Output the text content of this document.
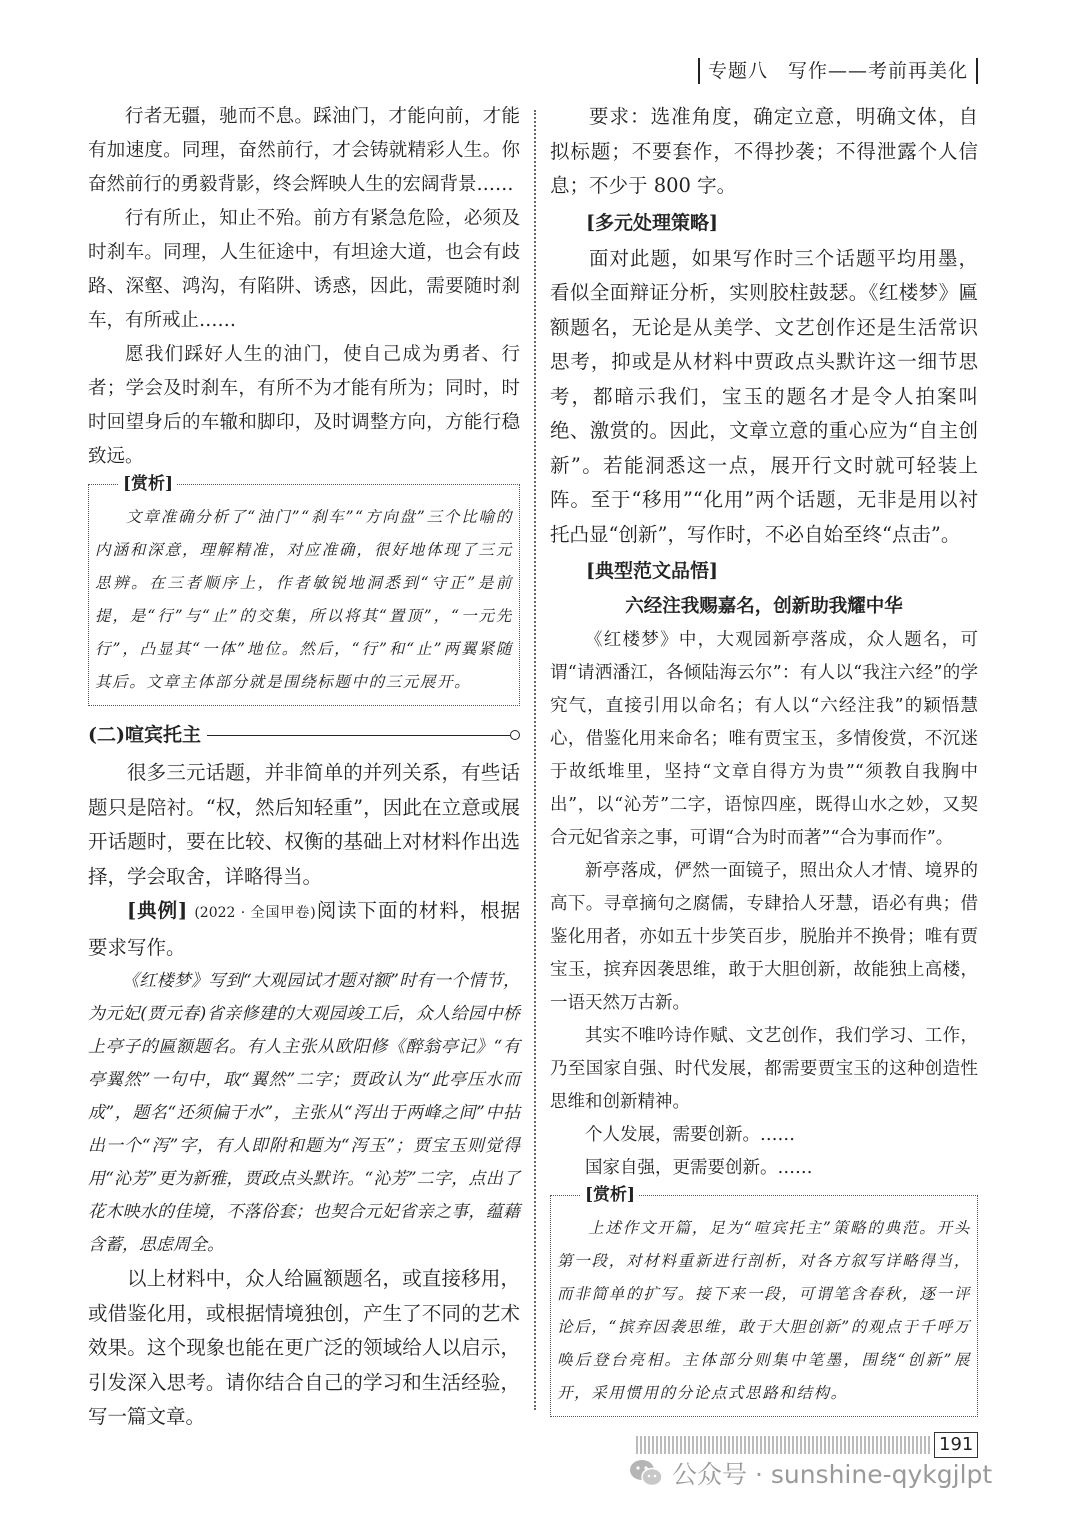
专题八　写作——考前再美化

行者无疆，驰而不息。踩油门，才能向前，才能有加速度。同理，奋然前行，才会铸就精彩人生。你奋然前行的勇毅背影，终会辉映人生的宏阔背景……

行有所止，知止不殆。前方有紧急危险，必须及时刹车。同理，人生征途中，有坦途大道，也会有歧路、深壑、鸿沟，有陷阱、诱惑，因此，需要随时刹车，有所戒止……

愿我们踩好人生的油门，使自己成为勇者、行者；学会及时刹车，有所不为才能有所为；同时，时时回望身后的车辙和脚印，及时调整方向，方能行稳致远。

[赏析]

文章准确分析了“油门”“刹车”“方向盘”三个比喻的内涵和深意，理解精准，对应准确，很好地体现了三元思辨。在三者顺序上，作者敏锐地洞悉到“守正”是前提，是“行”与“止”的交集，所以将其“置顶”，“一元先行”，凸显其“一体”地位。然后，“行”和“止”两翼紧随其后。文章主体部分就是围绕标题中的三元展开。

(二)喧宾托主

很多三元话题，并非简单的并列关系，有些话题只是陪衬。“权，然后知轻重”，因此在立意或展开话题时，要在比较、权衡的基础上对材料作出选择，学会取舍，详略得当。

[典例] (2022 · 全国甲卷)阅读下面的材料，根据要求写作。

《红楼梦》写到“大观园试才题对额”时有一个情节，为元妃(贾元春)省亲修建的大观园竣工后，众人给园中桥上亭子的匾额题名。有人主张从欧阳修《醉翁亭记》“有亭翼然”一句中，取“翼然”二字；贾政认为“此亭压水而成”，题名“还须偏于水”，主张从“泻出于两峰之间”中拈出一个“泻”字，有人即附和题为“泻玉”；贾宝玉则觉得用“沁芳”更为新雅，贾政点头默许。“沁芳”二字，点出了花木映水的佳境，不落俗套；也契合元妃省亲之事，蕴藉含蓄，思虑周全。

以上材料中，众人给匾额题名，或直接移用，或借鉴化用，或根据情境独创，产生了不同的艺术效果。这个现象也能在更广泛的领域给人以启示，引发深入思考。请你结合自己的学习和生活经验，写一篇文章。

要求：选准角度，确定立意，明确文体，自拟标题；不要套作，不得抄袭；不得泄露个人信息；不少于 800 字。

[多元处理策略]

面对此题，如果写作时三个话题平均用墨，看似全面辩证分析，实则胶柱鼓瑟。《红楼梦》匾额题名，无论是从美学、文艺创作还是生活常识思考，抑或是从材料中贾政点头默许这一细节思考，都暗示我们，宝玉的题名才是令人拍案叫绝、激赏的。因此，文章立意的重心应为“自主创新”。若能洞悉这一点，展开行文时就可轻装上阵。至于“移用”“化用”两个话题，无非是用以衬托凸显“创新”，写作时，不必自始至终“点击”。

[典型范文品悟]
六经注我赐嘉名，创新助我耀中华

《红楼梦》中，大观园新亭落成，众人题名，可谓“请洒潘江，各倾陆海云尔”：有人以“我注六经”的学究气，直接引用以命名；有人以“六经注我”的颖悟慧心，借鉴化用来命名；唯有贾宝玉，多情俊赏，不沉迷于故纸堆里，坚持“文章自得方为贵”“须教自我胸中出”，以“沁芳”二字，语惊四座，既得山水之妙，又契合元妃省亲之事，可谓“合为时而著”“合为事而作”。

新亭落成，俨然一面镜子，照出众人才情、境界的高下。寻章摘句之腐儒，专肆拾人牙慧，语必有典；借鉴化用者，亦如五十步笑百步，脱胎并不换骨；唯有贾宝玉，摈弃因袭思维，敢于大胆创新，故能独上高楼，一语天然万古新。

其实不唯吟诗作赋、文艺创作，我们学习、工作，乃至国家自强、时代发展，都需要贾宝玉的这种创造性思维和创新精神。

个人发展，需要创新。……

国家自强，更需要创新。……

[赏析]

上述作文开篇，足为“喧宾托主”策略的典范。开头第一段，对材料重新进行剖析，对各方叙写详略得当，而非简单的扩写。接下来一段，可谓笔含春秋，逐一评论后，“摈弃因袭思维，敢于大胆创新”的观点于千呼万唤后登台亮相。主体部分则集中笔墨，围绕“创新”展开，采用惯用的分论点式思路和结构。

191
公众号 · sunshine-qykgjlpt
